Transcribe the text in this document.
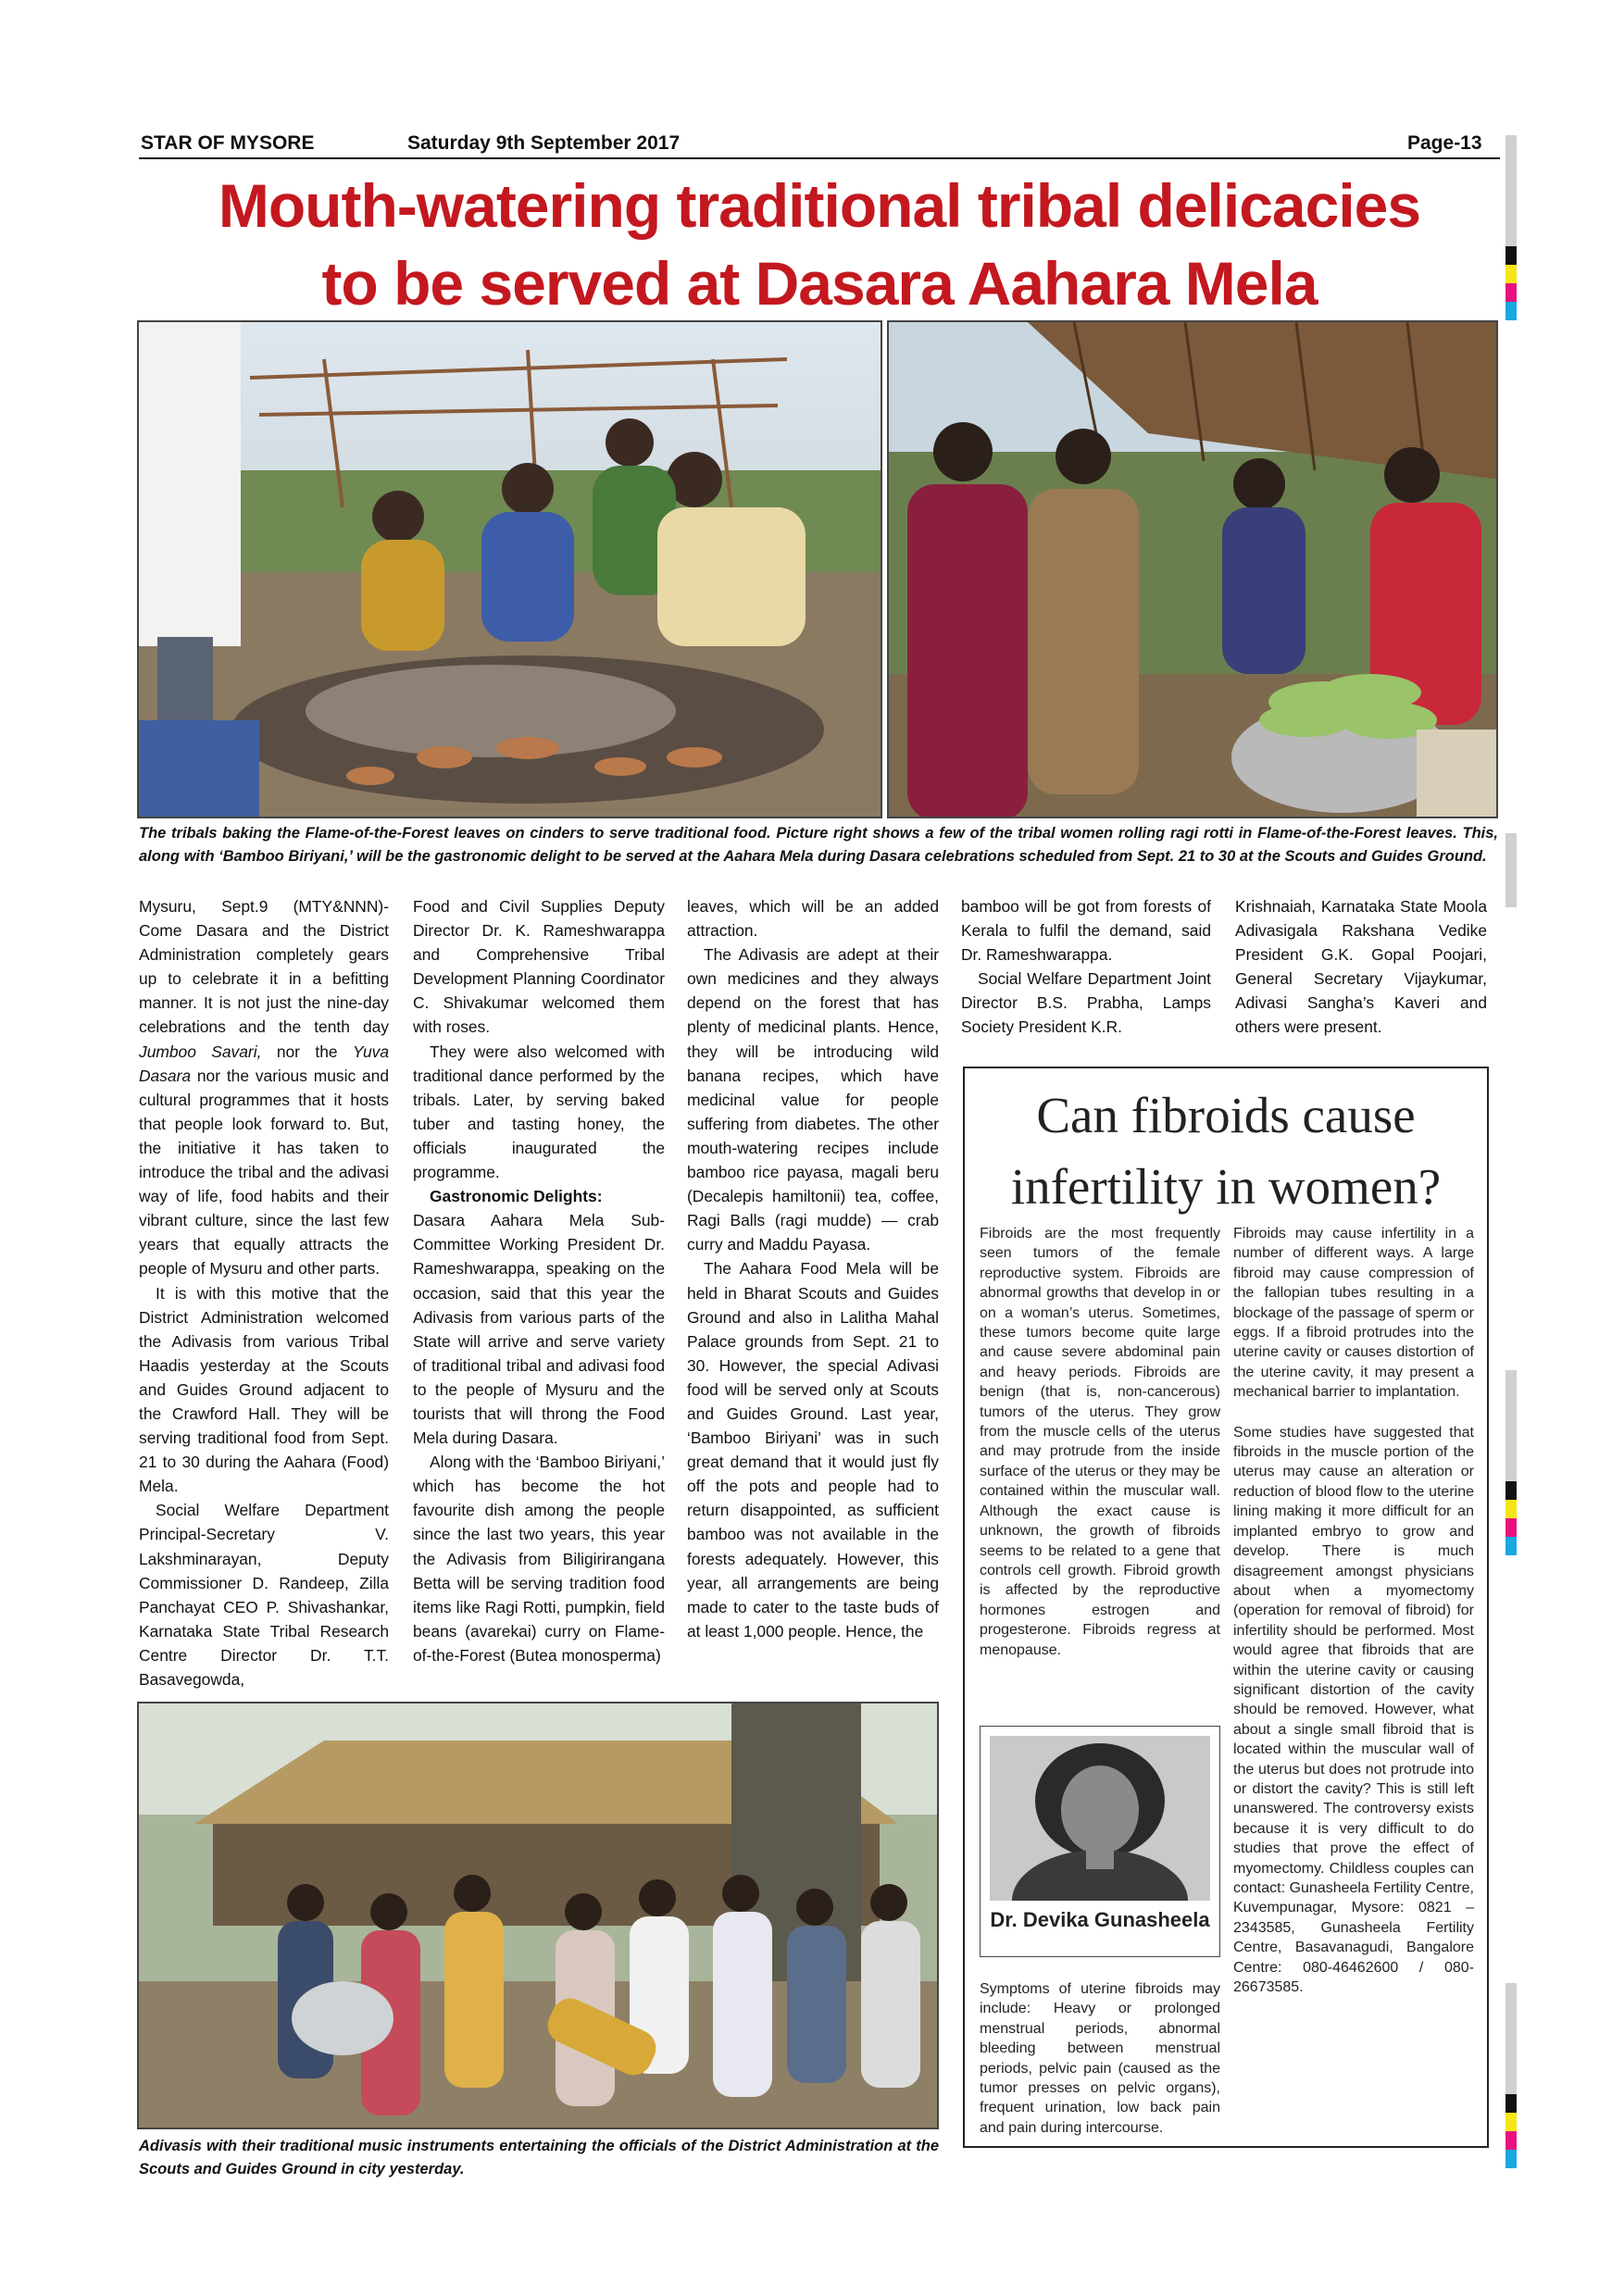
STAR OF MYSORE	Saturday 9th September 2017	Page-13
Mouth-watering traditional tribal delicacies
to be served at Dasara Aahara Mela
The tribals baking the Flame-of-the-Forest leaves on cinders to serve traditional food. Picture right shows a few of the tribal women rolling ragi rotti in Flame-of-the-Forest leaves. This, along with ‘Bamboo Biriyani,’ will be the gastronomic delight to be served at the Aahara Mela during Dasara celebrations scheduled from Sept. 21 to 30 at the Scouts and Guides Ground.

Mysuru, Sept.9 (MTY&NNN)- Come Dasara and the District Administration completely gears up to celebrate it in a befitting manner. It is not just the nine-day celebrations and the tenth day Jumboo Savari, nor the Yuva Dasara nor the various music and cultural programmes that it hosts that people look forward to. But, the initiative it has taken to introduce the tribal and the adivasi way of life, food habits and their vibrant culture, since the last few years that equally attracts the people of Mysuru and other parts.

It is with this motive that the District Administration welcomed the Adivasis from various Tribal Haadis yesterday at the Scouts and Guides Ground adjacent to the Crawford Hall. They will be serving traditional food from Sept. 21 to 30 during the Aahara (Food) Mela.

Social Welfare Department Principal-Secretary V. Lakshminarayan, Deputy Commissioner D. Randeep, Zilla Panchayat CEO P. Shivashankar, Karnataka State Tribal Research Centre Director Dr. T.T. Basavegowda,

Food and Civil Supplies Deputy Director Dr. K. Rameshwarappa and Comprehensive Tribal Development Planning Coordinator C. Shivakumar welcomed them with roses.

They were also welcomed with traditional dance performed by the tribals. Later, by serving baked tuber and tasting honey, the officials inaugurated the programme.

Gastronomic Delights:

Dasara Aahara Mela Sub-Committee Working President Dr. Rameshwarappa, speaking on the occasion, said that this year the Adivasis from various parts of the State will arrive and serve variety of traditional tribal and adivasi food to the people of Mysuru and the tourists that will throng the Food Mela during Dasara.

Along with the ‘Bamboo Biriyani,’ which has become the hot favourite dish among the people since the last two years, this year the Adivasis from Biligirirangana Betta will be serving tradition food items like Ragi Rotti, pumpkin, field beans (avarekai) curry on Flame-of-the-Forest (Butea monosperma)

leaves, which will be an added attraction.

The Adivasis are adept at their own medicines and they always depend on the forest that has plenty of medicinal plants. Hence, they will be introducing wild banana recipes, which have medicinal value for people suffering from diabetes. The other mouth-watering recipes include bamboo rice payasa, magali beru (Decalepis hamiltonii) tea, coffee, Ragi Balls (ragi mudde) — crab curry and Maddu Payasa.

The Aahara Food Mela will be held in Bharat Scouts and Guides Ground and also in Lalitha Mahal Palace grounds from Sept. 21 to 30. However, the special Adivasi food will be served only at Scouts and Guides Ground. Last year, ‘Bamboo Biriyani’ was in such great demand that it would just fly off the pots and people had to return disappointed, as sufficient bamboo was not available in the forests adequately. However, this year, all arrangements are being made to cater to the taste buds of at least 1,000 people. Hence, the

bamboo will be got from forests of Kerala to fulfil the demand, said Dr. Rameshwarappa.

Social Welfare Department Joint Director B.S. Prabha, Lamps Society President K.R.

Krishnaiah, Karnataka State Moola Adivasigala Rakshana Vedike President G.K. Gopal Poojari, General Secretary Vijaykumar, Adivasi Sangha’s Kaveri and others were present.

Adivasis with their traditional music instruments entertaining the officials of the District Administration at the Scouts and Guides Ground in city yesterday.
Can fibroids cause
infertility in women?

Fibroids are the most frequently seen tumors of the female reproductive system. Fibroids are abnormal growths that develop in or on a woman’s uterus. Sometimes, these tumors become quite large and cause severe abdominal pain and heavy periods. Fibroids are benign (that is, non-cancerous) tumors of the uterus. They grow from the muscle cells of the uterus and may protrude from the inside surface of the uterus or they may be contained within the muscular wall. Although the exact cause is unknown, the growth of fibroids seems to be related to a gene that controls cell growth. Fibroid growth is affected by the reproductive hormones estrogen and progesterone. Fibroids regress at menopause.

Dr. Devika Gunasheela

Symptoms of uterine fibroids may include: Heavy or prolonged menstrual periods, abnormal bleeding between menstrual periods, pelvic pain (caused as the tumor presses on pelvic organs), frequent urination, low back pain and pain during intercourse.

Fibroids may cause infertility in a number of different ways. A large fibroid may cause compression of the fallopian tubes resulting in a blockage of the passage of sperm or eggs. If a fibroid protrudes into the uterine cavity or causes distortion of the uterine cavity, it may present a mechanical barrier to implantation.

Some studies have suggested that fibroids in the muscle portion of the uterus may cause an alteration or reduction of blood flow to the uterine lining making it more difficult for an implanted embryo to grow and develop. There is much disagreement amongst physicians about when a myomectomy (operation for removal of fibroid) for infertility should be performed. Most would agree that fibroids that are within the uterine cavity or causing significant distortion of the cavity should be removed. However, what about a single small fibroid that is located within the muscular wall of the uterus but does not protrude into or distort the cavity? This is still left unanswered. The controversy exists because it is very difficult to do studies that prove the effect of myomectomy. Childless couples can contact: Gunasheela Fertility Centre, Kuvempunagar, Mysore: 0821 – 2343585, Gunasheela Fertility Centre, Basavanagudi, Bangalore Centre: 080-46462600 / 080-26673585.
